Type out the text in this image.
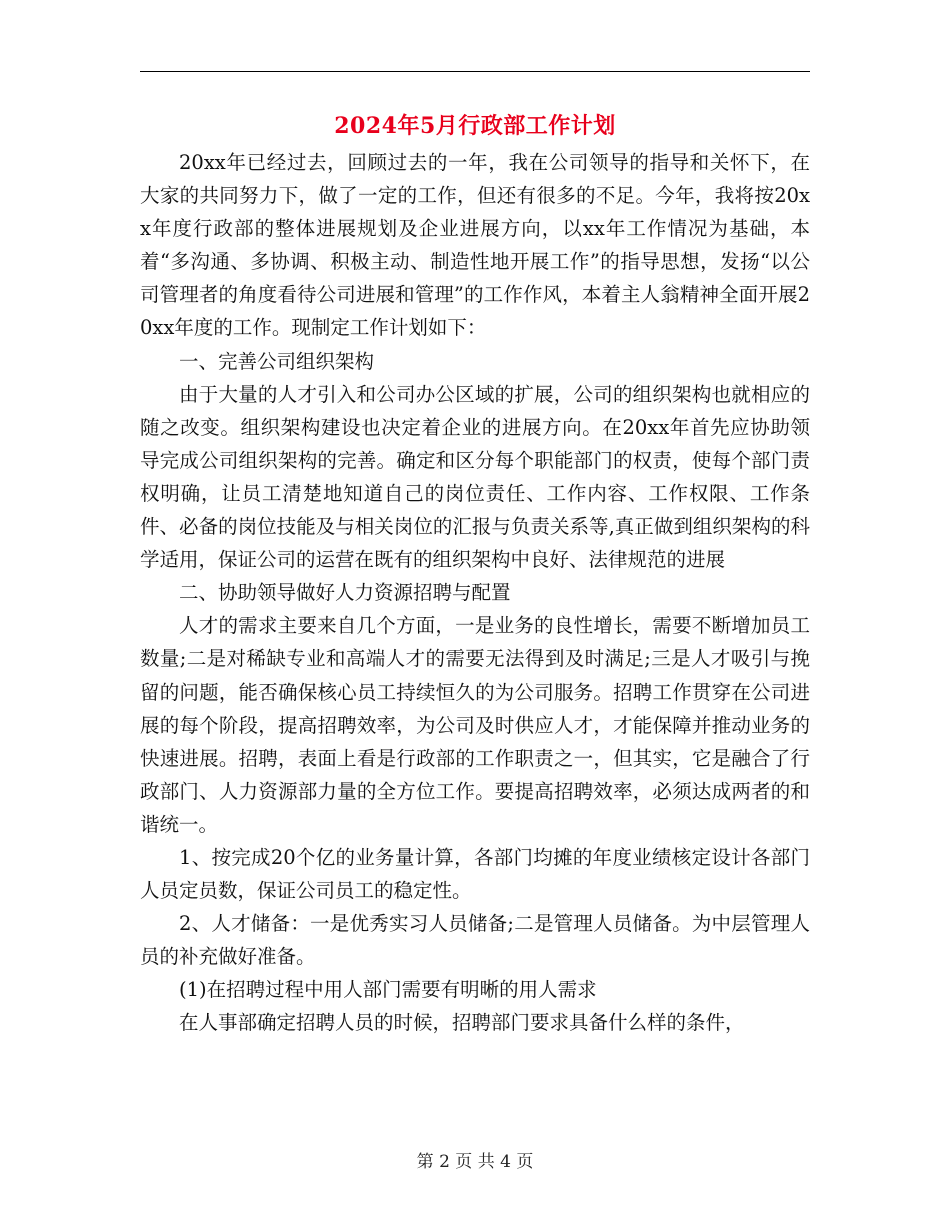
2024年5月行政部工作计划

20xx年已经过去，回顾过去的一年，我在公司领导的指导和关怀下，在大家的共同努力下，做了一定的工作，但还有很多的不足。今年，我将按20xx年度行政部的整体进展规划及企业进展方向，以xx年工作情况为基础，本着“多沟通、多协调、积极主动、制造性地开展工作”的指导思想，发扬“以公司管理者的角度看待公司进展和管理”的工作作风，本着主人翁精神全面开展20xx年度的工作。现制定工作计划如下：

一、完善公司组织架构

由于大量的人才引入和公司办公区域的扩展，公司的组织架构也就相应的随之改变。组织架构建设也决定着企业的进展方向。在20xx年首先应协助领导完成公司组织架构的完善。确定和区分每个职能部门的权责，使每个部门责权明确，让员工清楚地知道自己的岗位责任、工作内容、工作权限、工作条件、必备的岗位技能及与相关岗位的汇报与负责关系等,真正做到组织架构的科学适用，保证公司的运营在既有的组织架构中良好、法律规范的进展

二、协助领导做好人力资源招聘与配置

人才的需求主要来自几个方面，一是业务的良性增长，需要不断增加员工数量;二是对稀缺专业和高端人才的需要无法得到及时满足;三是人才吸引与挽留的问题，能否确保核心员工持续恒久的为公司服务。招聘工作贯穿在公司进展的每个阶段，提高招聘效率，为公司及时供应人才，才能保障并推动业务的快速进展。招聘，表面上看是行政部的工作职责之一，但其实，它是融合了行政部门、人力资源部力量的全方位工作。要提高招聘效率，必须达成两者的和谐统一。

1、按完成20个亿的业务量计算，各部门均摊的年度业绩核定设计各部门人员定员数，保证公司员工的稳定性。

2、人才储备：一是优秀实习人员储备;二是管理人员储备。为中层管理人员的补充做好准备。

(1)在招聘过程中用人部门需要有明晰的用人需求

在人事部确定招聘人员的时候，招聘部门要求具备什么样的条件，

第 2 页 共 4 页
